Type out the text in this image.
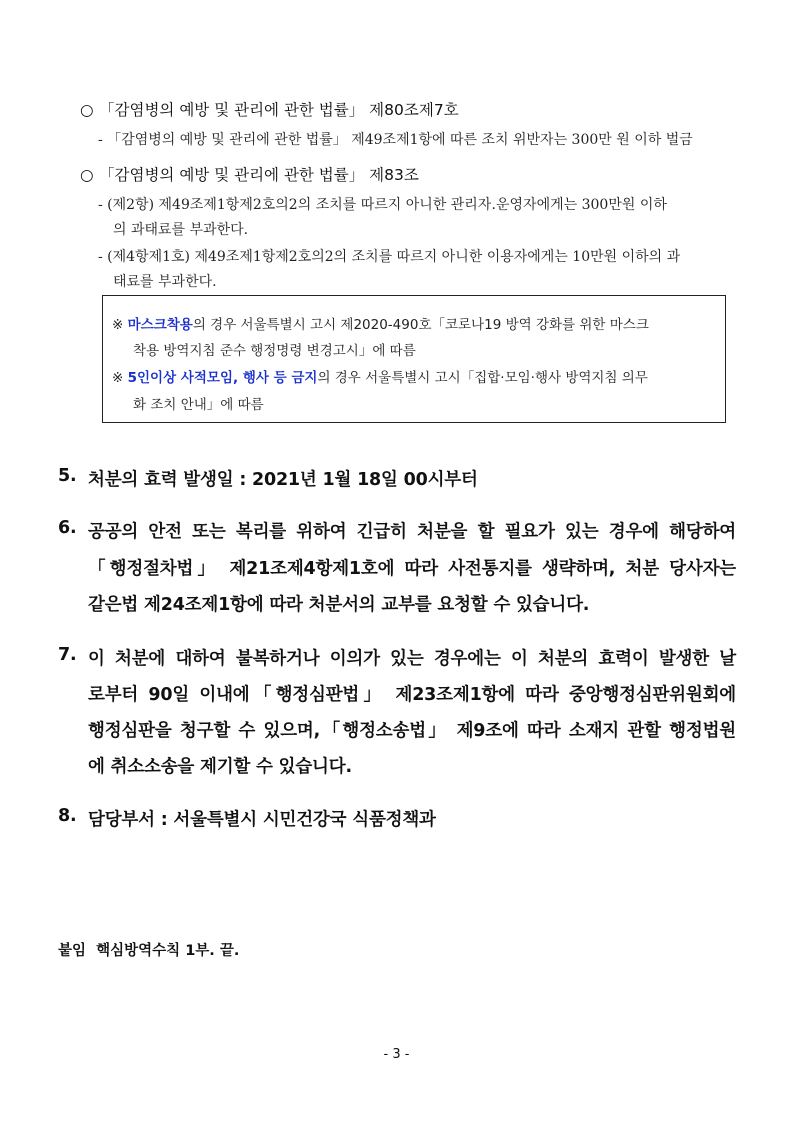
○ 「감염병의 예방 및 관리에 관한 법률」 제80조제7호
- 「감염병의 예방 및 관리에 관한 법률」 제49조제1항에 따른 조치 위반자는 300만 원 이하 벌금
○ 「감염병의 예방 및 관리에 관한 법률」 제83조
- (제2항) 제49조제1항제2호의2의 조치를 따르지 아니한 관리자․운영자에게는 300만원 이하
의 과태료를 부과한다.
- (제4항제1호) 제49조제1항제2호의2의 조치를 따르지 아니한 이용자에게는 10만원 이하의 과
태료를 부과한다.
※ 마스크착용의 경우 서울특별시 고시 제2020-490호「코로나19 방역 강화를 위한 마스크
착용 방역지침 준수 행정명령 변경고시」에 따름
※ 5인이상 사적모임, 행사 등 금지의 경우 서울특별시 고시「집합·모임·행사 방역지침 의무
화 조치 안내」에 따름
5. 처분의 효력 발생일 : 2021년 1월 18일 00시부터
6. 공공의 안전 또는 복리를 위하여 긴급히 처분을 할 필요가 있는 경우에 해당하여
「행정절차법」 제21조제4항제1호에 따라 사전통지를 생략하며, 처분 당사자는
같은법 제24조제1항에 따라 처분서의 교부를 요청할 수 있습니다.
7. 이 처분에 대하여 불복하거나 이의가 있는 경우에는 이 처분의 효력이 발생한 날
로부터 90일 이내에「행정심판법」 제23조제1항에 따라 중앙행정심판위원회에
행정심판을 청구할 수 있으며,「행정소송법」 제9조에 따라 소재지 관할 행정법원
에 취소소송을 제기할 수 있습니다.
8. 담당부서 : 서울특별시 시민건강국 식품정책과
붙임  핵심방역수칙 1부. 끝.
- 3 -
